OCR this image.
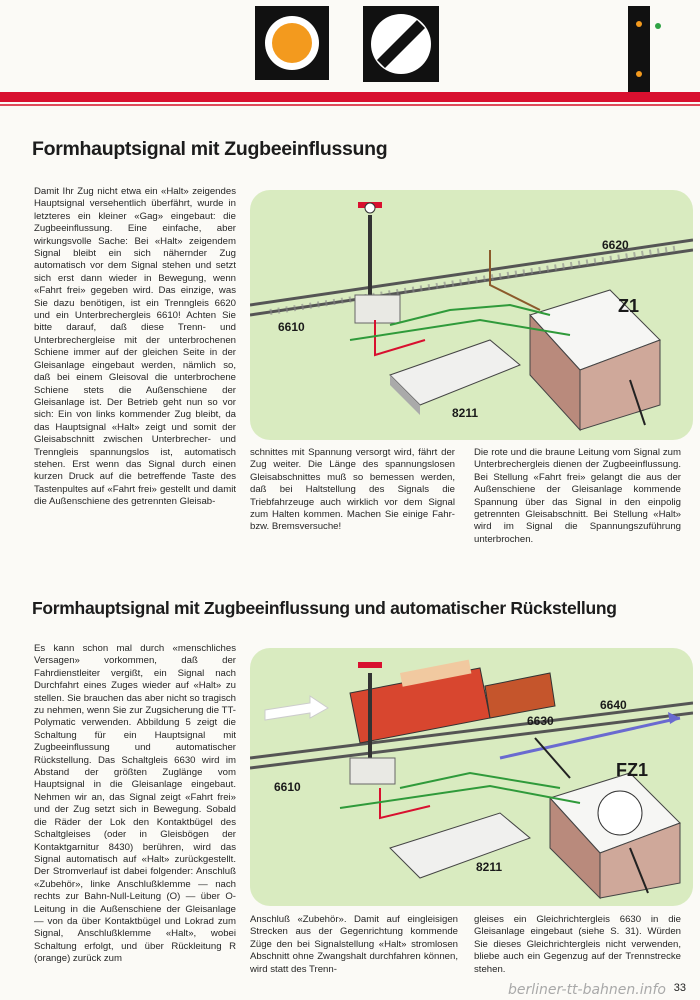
Formhauptsignal mit Zugbeeinflussung
6620
6610
Z1
8211

Damit Ihr Zug nicht etwa ein «Halt» zeigendes Hauptsignal versehentlich überfährt, wurde in letzteres ein kleiner «Gag» eingebaut: die Zugbeeinflussung. Eine einfache, aber wirkungsvolle Sache: Bei «Halt» zeigendem Signal bleibt ein sich nähernder Zug automatisch vor dem Signal stehen und setzt sich erst dann wieder in Bewegung, wenn «Fahrt frei» gegeben wird. Das einzige, was Sie dazu benötigen, ist ein Trenngleis 6620 und ein Unterbrechergleis 6610! Achten Sie bitte darauf, daß diese Trenn- und Unterbrechergleise mit der unterbrochenen Schiene immer auf der gleichen Seite in der Gleisanlage eingebaut werden, nämlich so, daß bei einem Gleisoval die unterbrochene Schiene stets die Außenschiene der Gleisanlage ist. Der Betrieb geht nun so vor sich: Ein von links kommender Zug bleibt, da das Hauptsignal «Halt» zeigt und somit der Gleisabschnitt zwischen Unterbrecher- und Trenngleis spannungslos ist, automatisch stehen. Erst wenn das Signal durch einen kurzen Druck auf die betreffende Taste des Tastenpultes auf «Fahrt frei» gestellt und damit die Außenschiene des getrennten Gleisab-

schnittes mit Spannung versorgt wird, fährt der Zug weiter. Die Länge des spannungslosen Gleisabschnittes muß so bemessen werden, daß bei Haltstellung des Signals die Triebfahrzeuge auch wirklich vor dem Signal zum Halten kommen. Machen Sie einige Fahr-bzw. Bremsversuche!

Die rote und die braune Leitung vom Signal zum Unterbrechergleis dienen der Zugbeeinflussung. Bei Stellung «Fahrt frei» gelangt die aus der Außenschiene der Gleisanlage kommende Spannung über das Signal in den einpolig getrennten Gleisabschnitt. Bei Stellung «Halt» wird im Signal die Spannungszuführung unterbrochen.

Formhauptsignal mit Zugbeeinflussung und automatischer Rückstellung
6640
6630
6610
FZ1
8211

Es kann schon mal durch «menschliches Versagen» vorkommen, daß der Fahrdienstleiter vergißt, ein Signal nach Durchfahrt eines Zuges wieder auf «Halt» zu stellen. Sie brauchen das aber nicht so tragisch zu nehmen, wenn Sie zur Zugsicherung die TT-Polymatic verwenden. Abbildung 5 zeigt die Schaltung für ein Hauptsignal mit Zugbeeinflussung und automatischer Rückstellung. Das Schaltgleis 6630 wird im Abstand der größten Zuglänge vom Hauptsignal in die Gleisanlage eingebaut. Nehmen wir an, das Signal zeigt «Fahrt frei» und der Zug setzt sich in Bewegung. Sobald die Räder der Lok den Kontaktbügel des Schaltgleises (oder in Gleisbögen der Kontaktgarnitur 8430) berühren, wird das Signal automatisch auf «Halt» zurückgestellt. Der Stromverlauf ist dabei folgender: Anschluß «Zubehör», linke Anschlußklemme — nach rechts zur Bahn-Null-Leitung (O) — über O-Leitung in die Außenschiene der Gleisanlage — von da über Kontaktbügel und Lokrad zum Signal, Anschlußklemme «Halt», wobei Schaltung erfolgt, und über Rückleitung R (orange) zurück zum

Anschluß «Zubehör». Damit auf eingleisigen Strecken aus der Gegenrichtung kommende Züge den bei Signalstellung «Halt» stromlosen Abschnitt ohne Zwangshalt durchfahren können, wird statt des Trenn-

gleises ein Gleichrichtergleis 6630 in die Gleisanlage eingebaut (siehe S. 31). Würden Sie dieses Gleichrichtergleis nicht verwenden, bliebe auch ein Gegenzug auf der Trennstrecke stehen.

berliner-tt-bahnen.info 33
